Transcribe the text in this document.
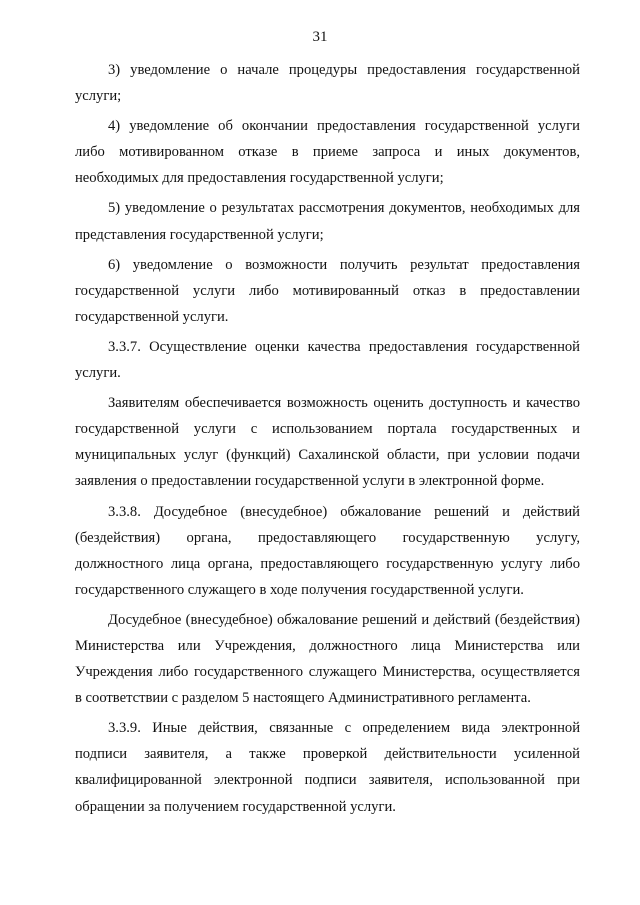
31

3) уведомление о начале процедуры предоставления государственной услуги;

4) уведомление об окончании предоставления государственной услуги либо мотивированном отказе в приеме запроса и иных документов, необходимых для предоставления государственной услуги;

5) уведомление о результатах рассмотрения документов, необходимых для представления государственной услуги;

6) уведомление о возможности получить результат предоставления государственной услуги либо мотивированный отказ в предоставлении государственной услуги.

3.3.7. Осуществление оценки качества предоставления государственной услуги.

Заявителям обеспечивается возможность оценить доступность и качество государственной услуги с использованием портала государственных и муниципальных услуг (функций) Сахалинской области, при условии подачи заявления о предоставлении государственной услуги в электронной форме.

3.3.8. Досудебное (внесудебное) обжалование решений и действий (бездействия) органа, предоставляющего государственную услугу, должностного лица органа, предоставляющего государственную услугу либо государственного служащего в ходе получения государственной услуги.

Досудебное (внесудебное) обжалование решений и действий (бездействия) Министерства или Учреждения, должностного лица Министерства или Учреждения либо государственного служащего Министерства, осуществляется в соответствии с разделом 5 настоящего Административного регламента.

3.3.9. Иные действия, связанные с определением вида электронной подписи заявителя, а также проверкой действительности усиленной квалифицированной электронной подписи заявителя, использованной при обращении за получением государственной услуги.
